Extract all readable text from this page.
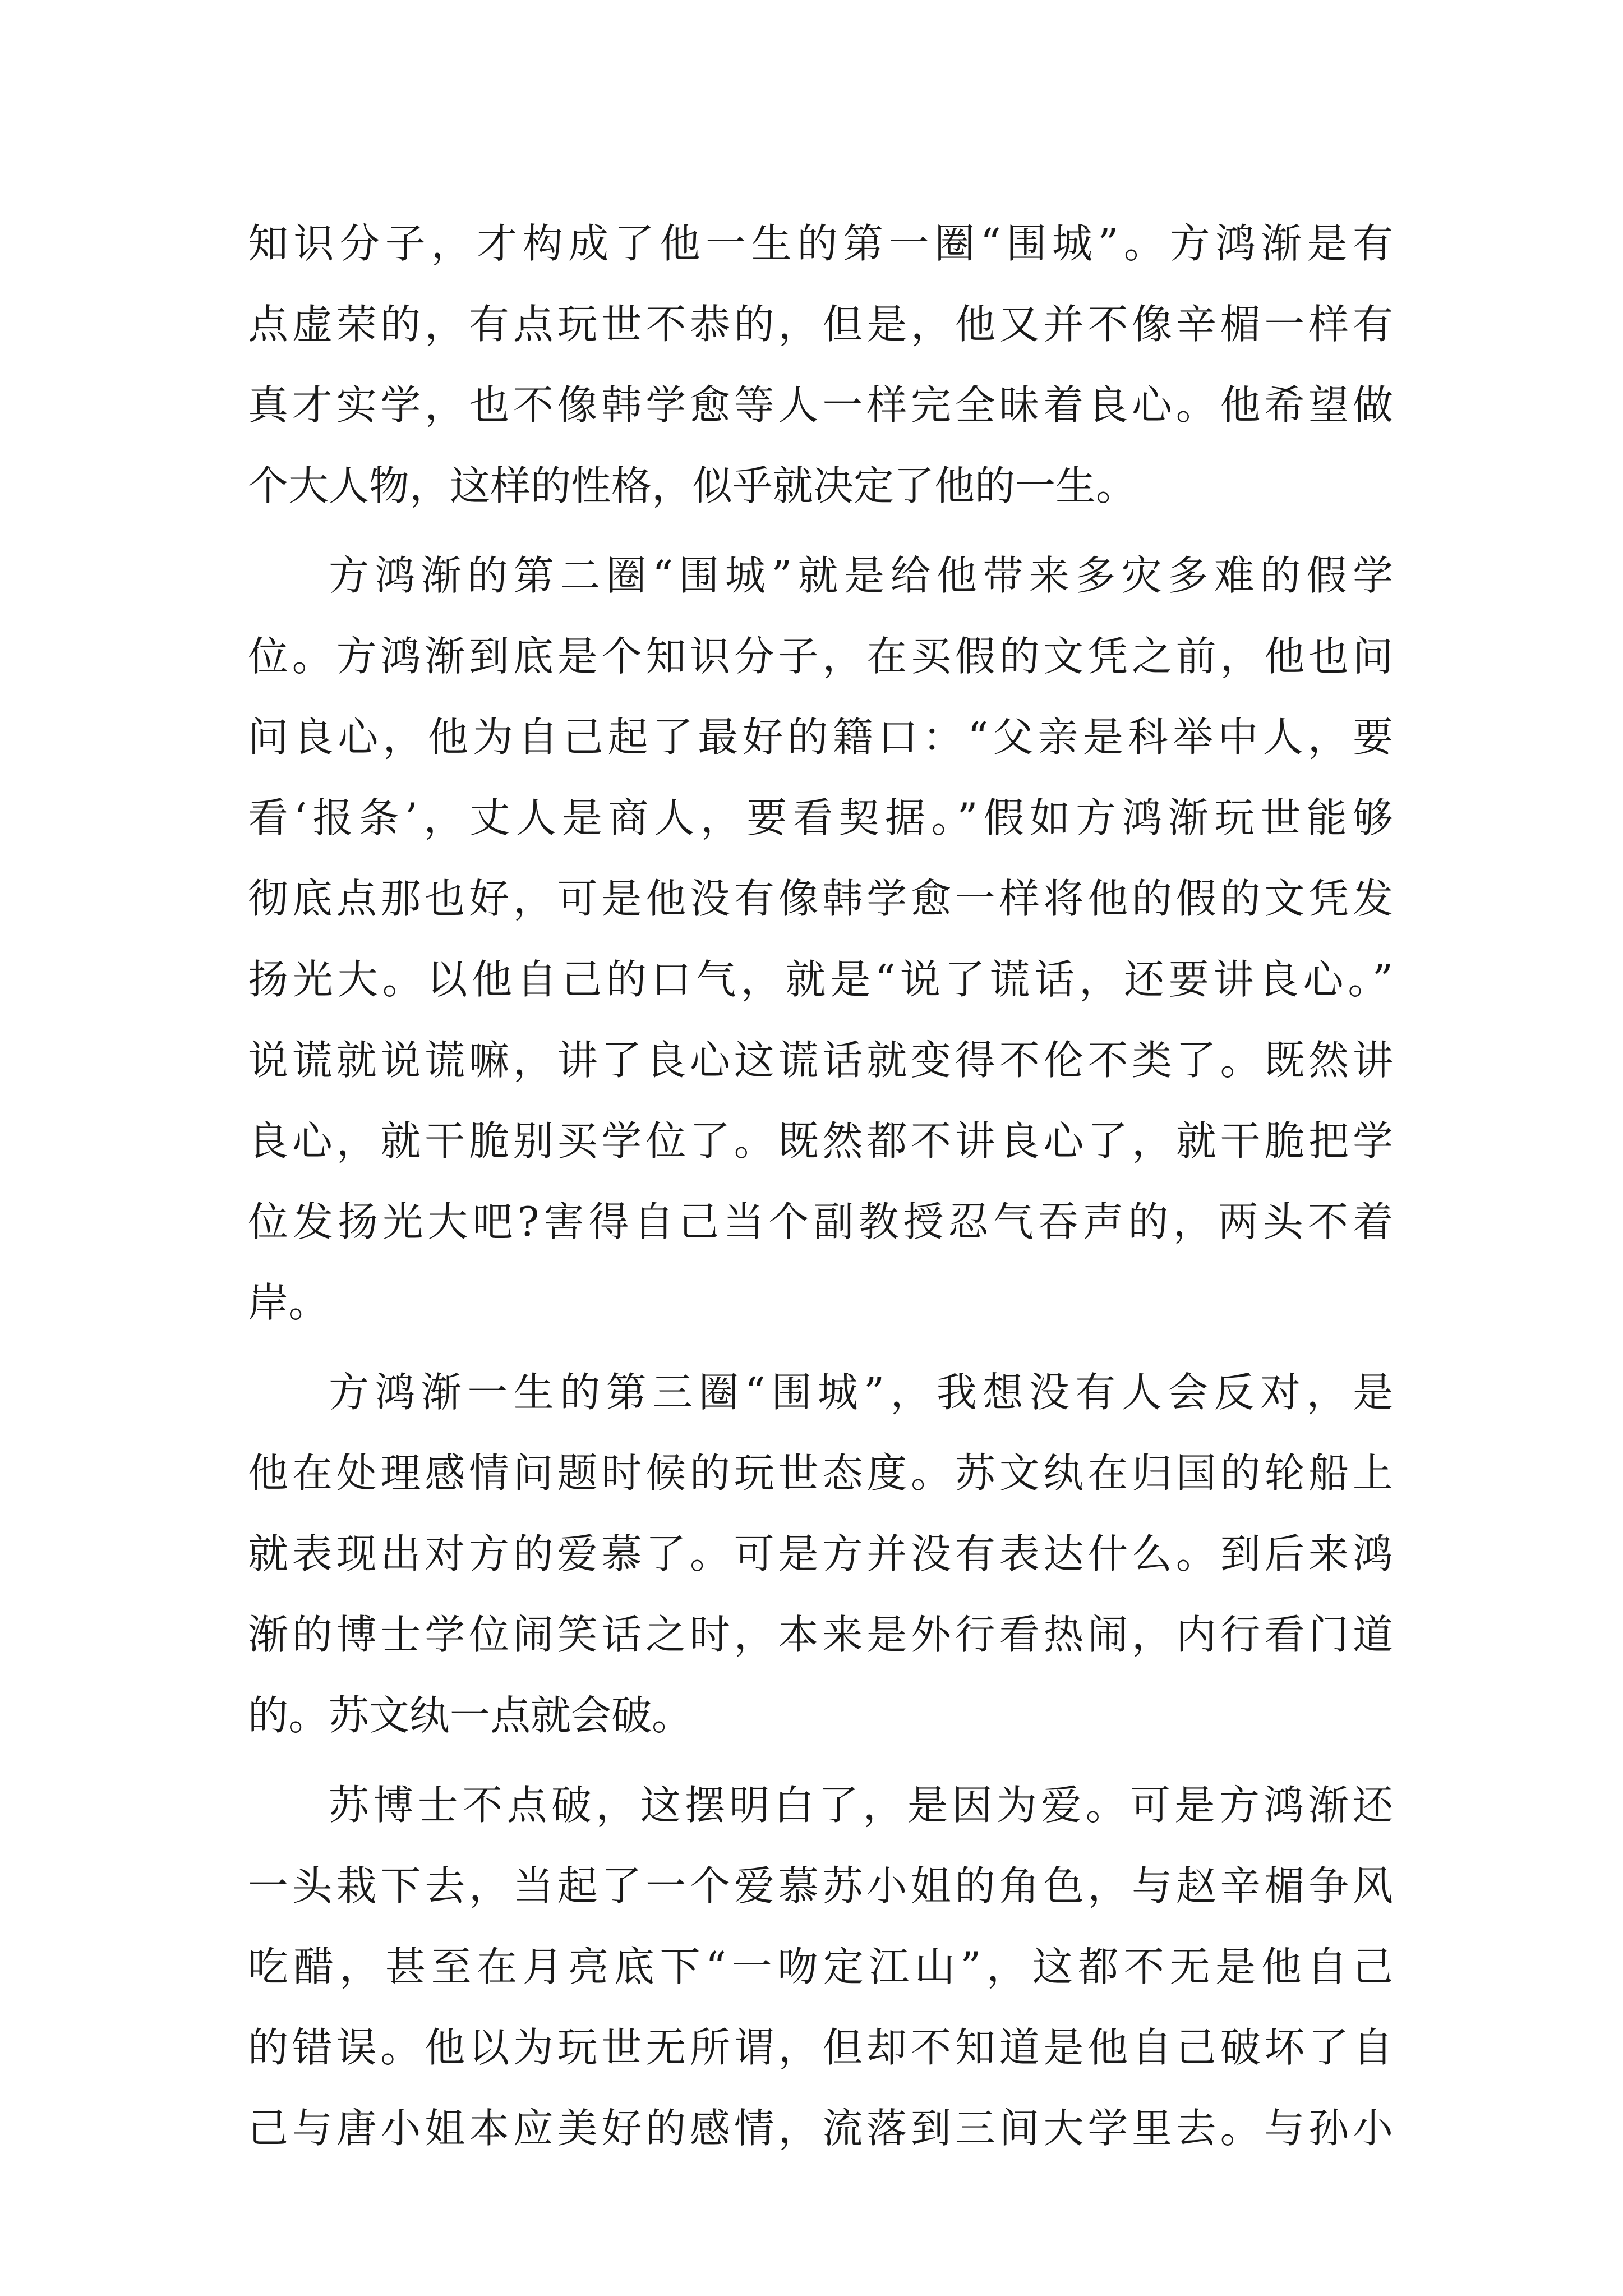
知识分子，才构成了他一生的第一圈“围城”。方鸿渐是有
点虚荣的，有点玩世不恭的，但是，他又并不像辛楣一样有
真才实学，也不像韩学愈等人一样完全昧着良心。他希望做
个大人物，这样的性格，似乎就决定了他的一生。
方鸿渐的第二圈“围城”就是给他带来多灾多难的假学
位。方鸿渐到底是个知识分子，在买假的文凭之前，他也问
问良心，他为自己起了最好的籍口：“父亲是科举中人，要
看‘报条’，丈人是商人，要看契据。”假如方鸿渐玩世能够
彻底点那也好，可是他没有像韩学愈一样将他的假的文凭发
扬光大。以他自己的口气，就是“说了谎话，还要讲良心。”
说谎就说谎嘛，讲了良心这谎话就变得不伦不类了。既然讲
良心，就干脆别买学位了。既然都不讲良心了，就干脆把学
位发扬光大吧?害得自己当个副教授忍气吞声的，两头不着
岸。
方鸿渐一生的第三圈“围城”，我想没有人会反对，是
他在处理感情问题时候的玩世态度。苏文纨在归国的轮船上
就表现出对方的爱慕了。可是方并没有表达什么。到后来鸿
渐的博士学位闹笑话之时，本来是外行看热闹，内行看门道
的。苏文纨一点就会破。
苏博士不点破，这摆明白了，是因为爱。可是方鸿渐还
一头栽下去，当起了一个爱慕苏小姐的角色，与赵辛楣争风
吃醋，甚至在月亮底下“一吻定江山”，这都不无是他自己
的错误。他以为玩世无所谓，但却不知道是他自己破坏了自
己与唐小姐本应美好的感情，流落到三间大学里去。与孙小
